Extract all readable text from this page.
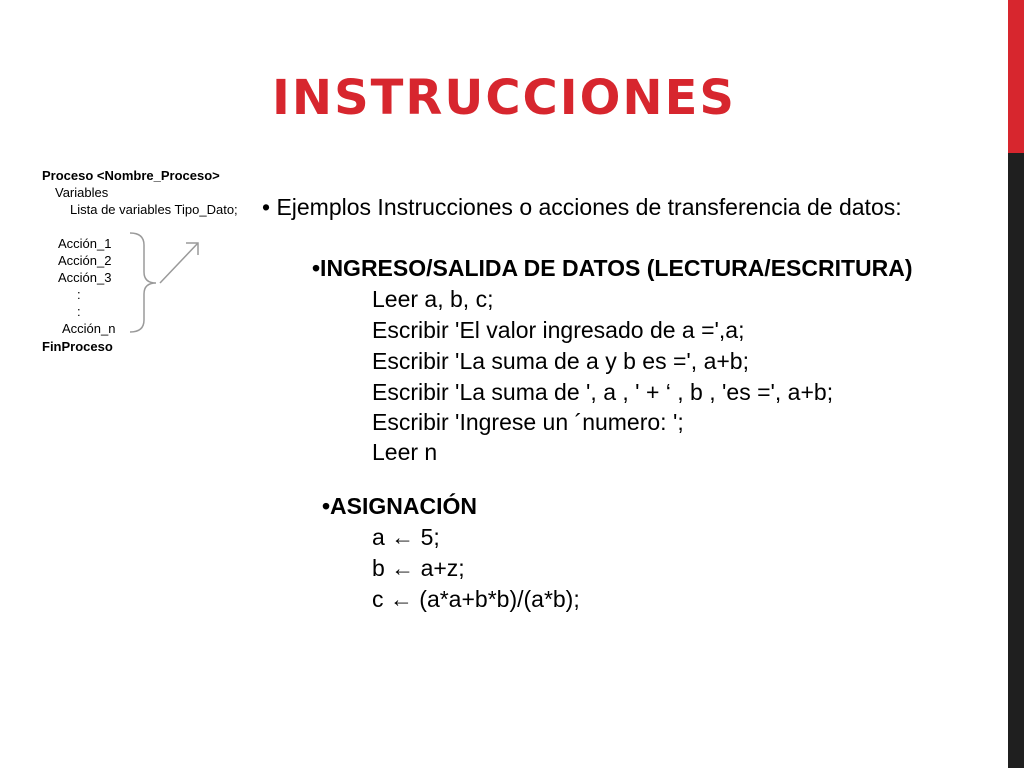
INSTRUCCIONES
Proceso <Nombre_Proceso>
Variables
Lista de variables Tipo_Dato;
Acción_1
Acción_2
Acción_3
:
:
Acción_n
FinProceso
• Ejemplos Instrucciones o acciones de transferencia de datos:
•INGRESO/SALIDA DE DATOS (LECTURA/ESCRITURA)
Leer a, b, c;
Escribir 'El valor ingresado de a =',a;
Escribir 'La suma de a y b es =', a+b;
Escribir 'La suma de ', a , ' + ‘ , b , 'es =', a+b;
Escribir 'Ingrese un ´numero: ';
Leer n
•ASIGNACIÓN
a ← 5;
b ← a+z;
c ← (a*a+b*b)/(a*b);
